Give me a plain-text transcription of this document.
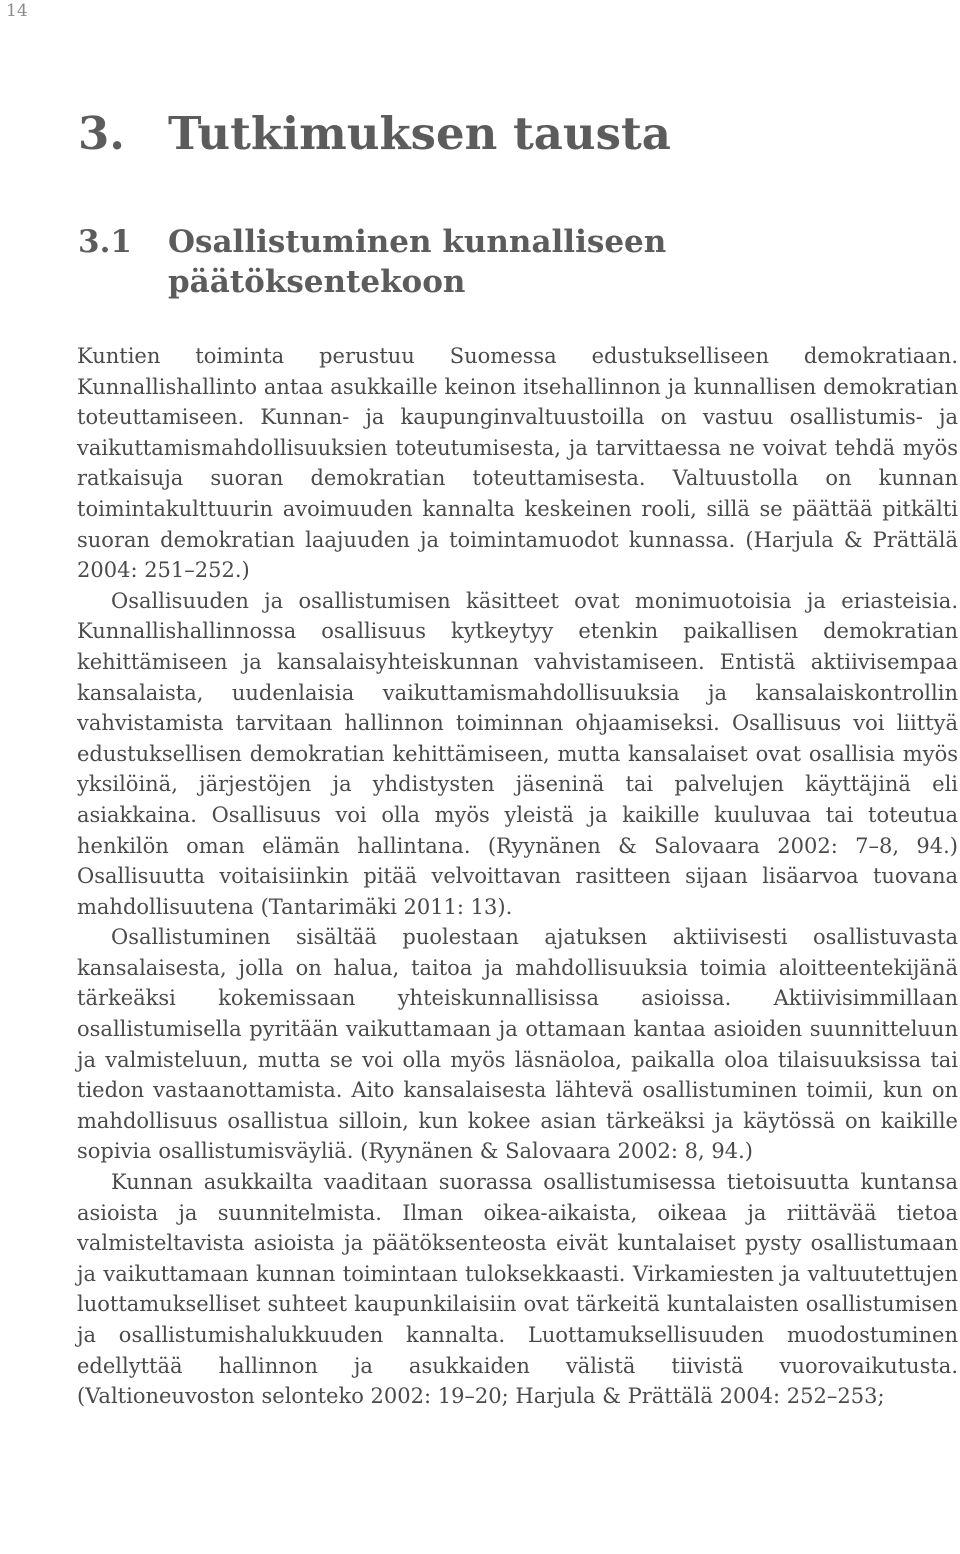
14
3. Tutkimuksen tausta
3.1	Osallistuminen kunnalliseen päätöksentekoon

Kuntien toiminta perustuu Suomessa edustukselliseen demokratiaan. Kunnallishallinto antaa asukkaille keinon itsehallinnon ja kunnallisen demokratian toteuttamiseen. Kunnan- ja kaupunginvaltuustoilla on vastuu osallistumis- ja vaikuttamismahdollisuuksien toteutumisesta, ja tarvittaessa ne voivat tehdä myös ratkaisuja suoran demokratian toteuttamisesta. Valtuustolla on kunnan toimintakulttuurin avoimuuden kannalta keskeinen rooli, sillä se päättää pitkälti suoran demokratian laajuuden ja toimintamuodot kunnassa. (Harjula & Prättälä 2004: 251–252.)

Osallisuuden ja osallistumisen käsitteet ovat monimuotoisia ja eriasteisia. Kunnallishallinnossa osallisuus kytkeytyy etenkin paikallisen demokratian kehittämiseen ja kansalaisyhteiskunnan vahvistamiseen. Entistä aktiivisempaa kansalaista, uudenlaisia vaikuttamismahdollisuuksia ja kansalaiskontrollin vahvistamista tarvitaan hallinnon toiminnan ohjaamiseksi. Osallisuus voi liittyä edustuksellisen demokratian kehittämiseen, mutta kansalaiset ovat osallisia myös yksilöinä, järjestöjen ja yhdistysten jäseninä tai palvelujen käyttäjinä eli asiakkaina. Osallisuus voi olla myös yleistä ja kaikille kuuluvaa tai toteutua henkilön oman elämän hallintana. (Ryynänen & Salovaara 2002: 7–8, 94.) Osallisuutta voitaisiinkin pitää velvoittavan rasitteen sijaan lisäarvoa tuovana mahdollisuutena (Tantarimäki 2011: 13).

Osallistuminen sisältää puolestaan ajatuksen aktiivisesti osallistuvasta kansalaisesta, jolla on halua, taitoa ja mahdollisuuksia toimia aloitteentekijänä tärkeäksi kokemissaan yhteiskunnallisissa asioissa. Aktiivisimmillaan osallistumisella pyritään vaikuttamaan ja ottamaan kantaa asioiden suunnitteluun ja valmisteluun, mutta se voi olla myös läsnäoloa, paikalla oloa tilaisuuksissa tai tiedon vastaanottamista. Aito kansalaisesta lähtevä osallistuminen toimii, kun on mahdollisuus osallistua silloin, kun kokee asian tärkeäksi ja käytössä on kaikille sopivia osallistumisväyliä. (Ryynänen & Salovaara 2002: 8, 94.)

Kunnan asukkailta vaaditaan suorassa osallistumisessa tietoisuutta kuntansa asioista ja suunnitelmista. Ilman oikea-aikaista, oikeaa ja riittävää tietoa valmisteltavista asioista ja päätöksenteosta eivät kuntalaiset pysty osallistumaan ja vaikuttamaan kunnan toimintaan tuloksekkaasti. Virkamiesten ja valtuutettujen luottamukselliset suhteet kaupunkilaisiin ovat tärkeitä kuntalaisten osallistumisen ja osallistumishalukkuuden kannalta. Luottamuksellisuuden muodostuminen edellyttää hallinnon ja asukkaiden välistä tiivistä vuorovaikutusta. (Valtioneuvoston selonteko 2002: 19–20; Harjula & Prättälä 2004: 252–253;
